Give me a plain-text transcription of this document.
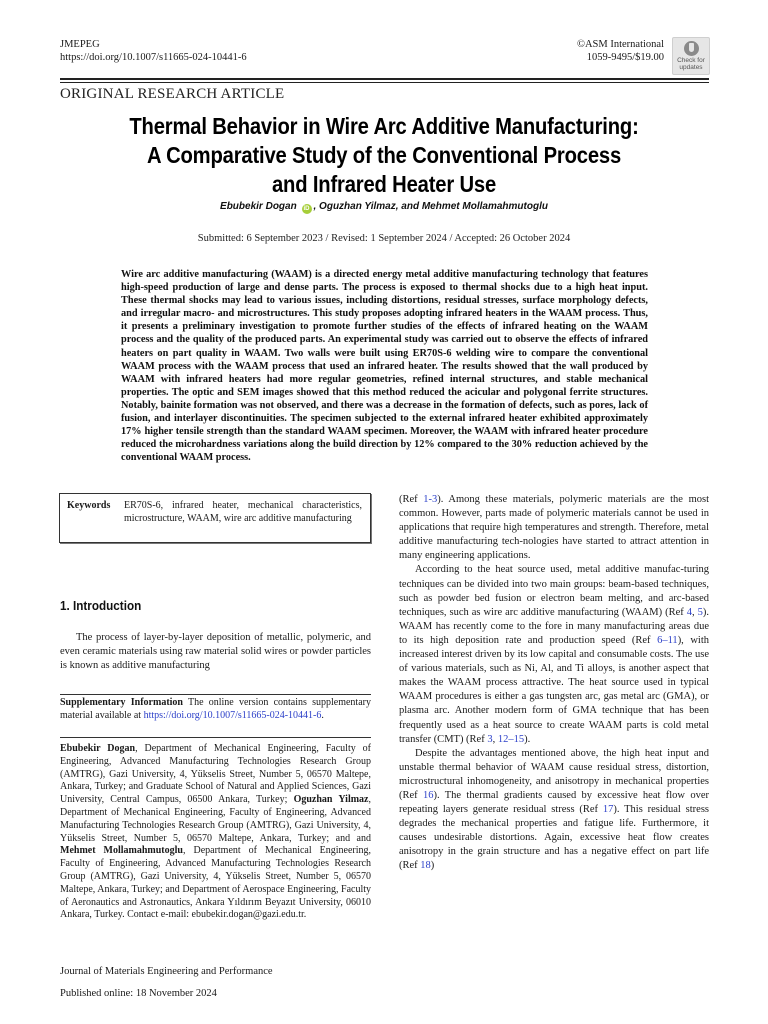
JMEPEG
https://doi.org/10.1007/s11665-024-10441-6
©ASM International
1059-9495/$19.00 Check for
updates
ORIGINAL RESEARCH ARTICLE
Thermal Behavior in Wire Arc Additive Manufacturing:
A Comparative Study of the Conventional Process
and Infrared Heater Use
Ebubekir Dogan iD , Oguzhan Yilmaz, and Mehmet Mollamahmutoglu
Submitted: 6 September 2023 / Revised: 1 September 2024 / Accepted: 26 October 2024
Wire arc additive manufacturing (WAAM) is a directed energy metal additive manufacturing technology that features high-speed production of large and dense parts. The process is exposed to thermal shocks due to a high heat input. These thermal shocks may lead to various issues, including distortions, residual stresses, surface morphology defects, and irregular macro- and microstructures. This study proposes adopting infrared heaters in the WAAM process. Thus, it presents a preliminary investigation to promote further studies of the effects of infrared heating on the WAAM process and the quality of the produced parts. An experimental study was carried out to observe the effects of infrared heaters on part quality in WAAM. Two walls were built using ER70S-6 welding wire to compare the conventional WAAM process with the WAAM process that used an infrared heater. The results showed that the wall produced by WAAM with infrared heaters had more regular geometries, refined internal structures, and stable mechanical properties. The optic and SEM images showed that this method reduced the acicular and polygonal ferrite structures. Notably, bainite formation was not observed, and there was a decrease in the formation of defects, such as pores, lack of fusion, and interlayer discontinuities. The specimen subjected to the external infrared heater exhibited approximately 17% higher tensile strength than the standard WAAM specimen. Moreover, the WAAM with infrared heater procedure reduced the microhardness variations along the build direction by 12% compared to the 30% reduction achieved by the conventional WAAM process.
Keywords ER70S-6, infrared heater, mechanical characteristics, microstructure, WAAM, wire arc additive manufacturing
1. Introduction
The process of layer-by-layer deposition of metallic, polymeric, and even ceramic materials using raw material solid wires or powder particles is known as additive manufacturing
Supplementary Information The online version contains supplementary material available at https://doi.org/10.1007/s11665-024-10441-6.
Ebubekir Dogan, Department of Mechanical Engineering, Faculty of Engineering, Advanced Manufacturing Technologies Research Group (AMTRG), Gazi University, 4, Yükselis Street, Number 5, 06570 Maltepe, Ankara, Turkey; and Graduate School of Natural and Applied Sciences, Gazi University, Central Campus, 06500 Ankara, Turkey; Oguzhan Yilmaz, Department of Mechanical Engineering, Faculty of Engineering, Advanced Manufacturing Technologies Research Group (AMTRG), Gazi University, 4, Yükselis Street, Number 5, 06570 Maltepe, Ankara, Turkey; and and Mehmet Mollamahmutoglu, Department of Mechanical Engineering, Faculty of Engineering, Advanced Manufacturing Technologies Research Group (AMTRG), Gazi University, 4, Yükselis Street, Number 5, 06570 Maltepe, Ankara, Turkey; and Department of Aerospace Engineering, Faculty of Aeronautics and Astronautics, Ankara Yıldırım Beyazıt University, 06010 Ankara, Turkey. Contact e-mail: ebubekir.dogan@gazi.edu.tr.
Journal of Materials Engineering and Performance
Published online: 18 November 2024

(Ref 1-3). Among these materials, polymeric materials are the most common. However, parts made of polymeric materials cannot be used in applications that require high temperatures and strength. Therefore, metal additive manufacturing tech-nologies have started to attract attention in many engineering applications.

According to the heat source used, metal additive manufac-turing techniques can be divided into two main groups: beam-based techniques, such as powder bed fusion or electron beam melting, and arc-based techniques, such as wire arc additive manufacturing (WAAM) (Ref 4, 5). WAAM has recently come to the fore in many manufacturing areas due to its high deposition rate and production speed (Ref 6–11), with increased interest driven by its low capital and consumable costs. The use of various materials, such as Ni, Al, and Ti alloys, is another aspect that makes the WAAM process attractive. The heat source used in typical WAAM procedures is either a gas tungsten arc, gas metal arc (GMA), or plasma arc. Another modern form of GMA technique that has been frequently used as a heat source to create WAAM parts is cold metal transfer (CMT) (Ref 3, 12–15).

Despite the advantages mentioned above, the high heat input and unstable thermal behavior of WAAM cause residual stress, distortion, microstructural inhomogeneity, and anisotropy in mechanical properties (Ref 16). The thermal gradients caused by excessive heat flow over repeating layers generate residual stress (Ref 17). This residual stress degrades the mechanical properties and fatigue life. Furthermore, it causes undesirable distortions. Again, excessive heat flow creates anisotropy in the grain structure and has a negative effect on part life (Ref 18)
